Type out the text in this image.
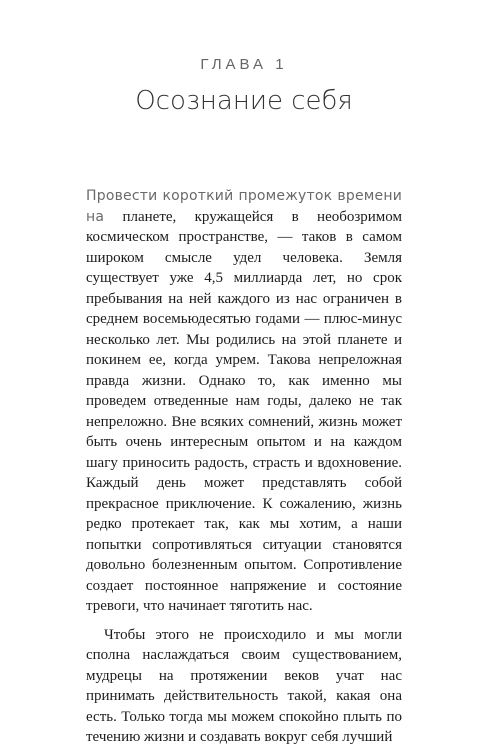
ГЛАВА 1
Осознание себя

Провести короткий промежуток времени на планете, кружащейся в необозримом космическом пространстве, — таков в самом широком смысле удел человека. Земля существует уже 4,5 миллиарда лет, но срок пребывания на ней каждого из нас ограничен в среднем восемьюдесятью годами — плюс-минус несколько лет. Мы родились на этой планете и покинем ее, когда умрем. Такова непреложная правда жизни. Однако то, как именно мы проведем отведенные нам годы, далеко не так непреложно. Вне всяких сомнений, жизнь может быть очень интересным опытом и на каждом шагу приносить радость, страсть и вдохновение. Каждый день может представлять собой прекрасное приключение. К сожалению, жизнь редко протекает так, как мы хотим, а наши попытки сопротивляться ситуации становятся довольно болезненным опытом. Сопротивление создает постоянное напряжение и состояние тревоги, что начинает тяготить нас.

Чтобы этого не происходило и мы могли сполна наслаждаться своим существованием, мудрецы на протяжении веков учат нас принимать действительность такой, какая она есть. Только тогда мы можем спокойно плыть по течению жизни и создавать вокруг себя лучший
